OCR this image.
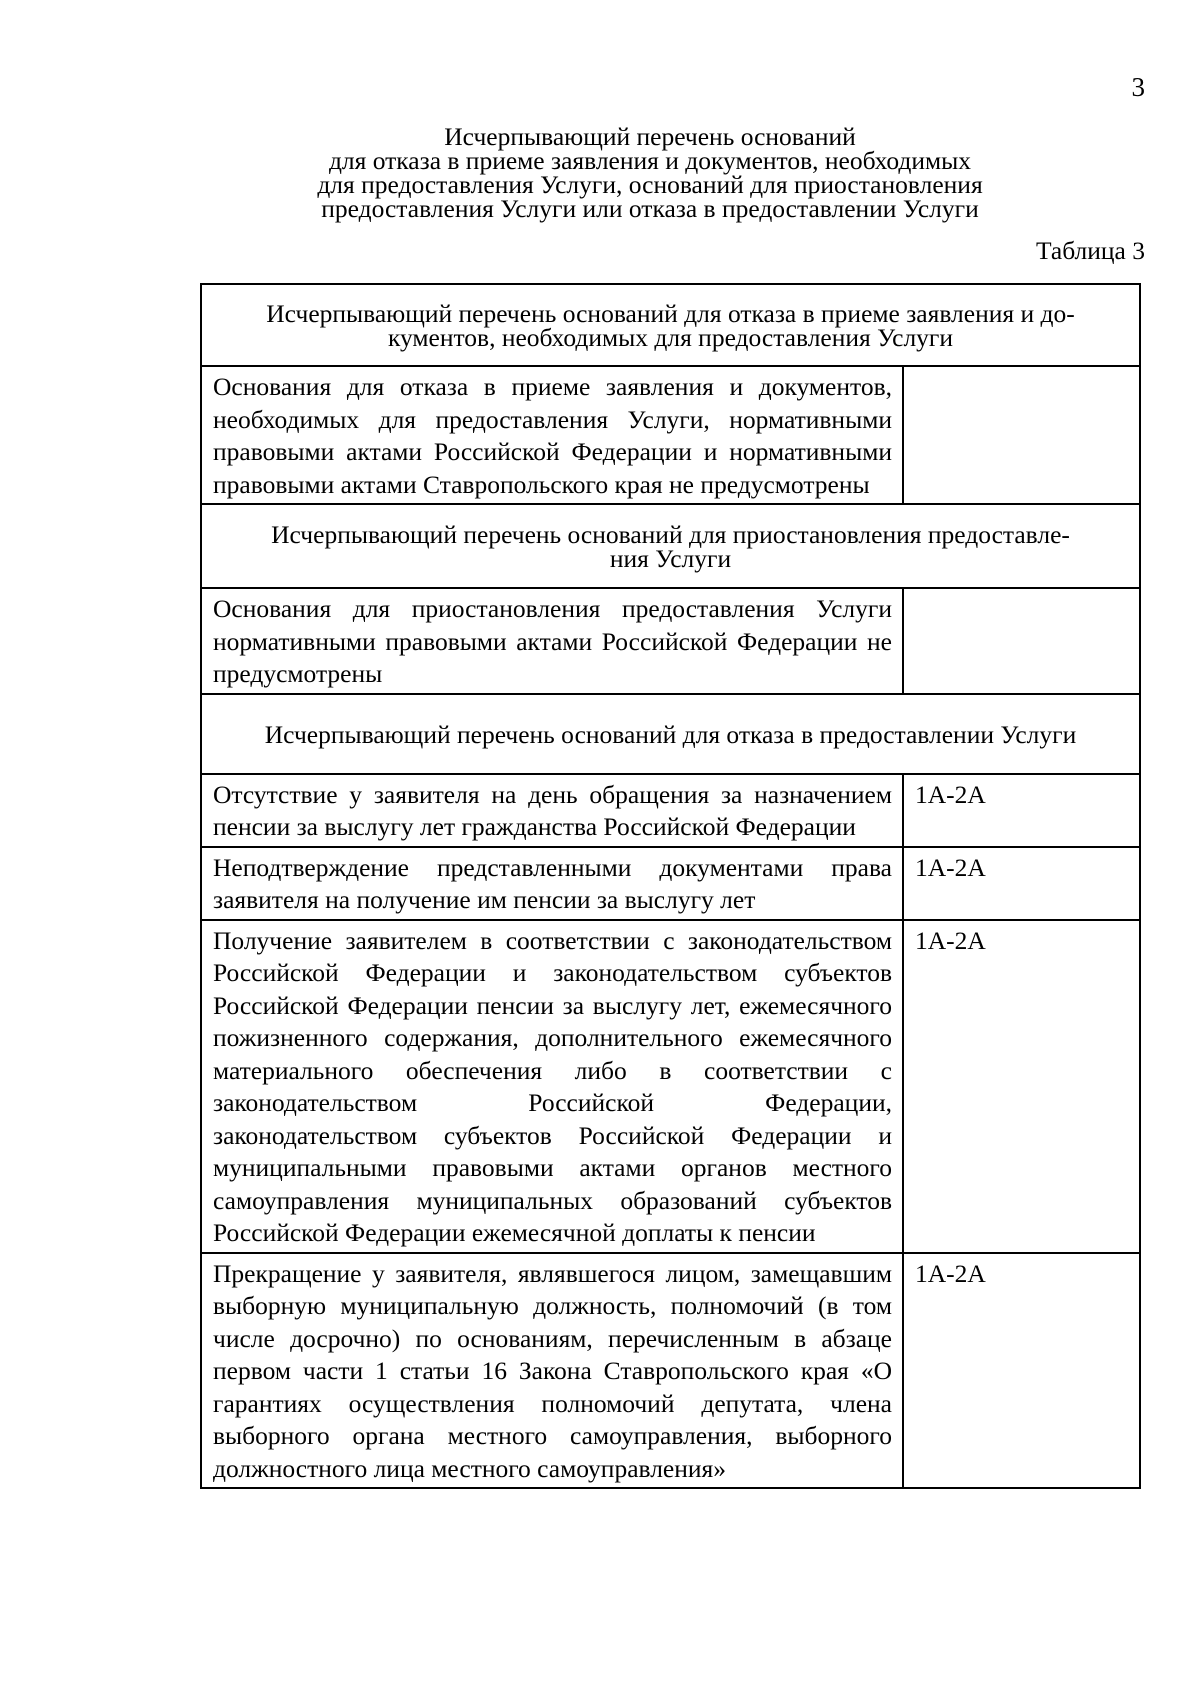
3
Исчерпывающий перечень оснований
для отказа в приеме заявления и документов, необходимых
для предоставления Услуги, оснований для приостановления
предоставления Услуги или отказа в предоставлении Услуги
Таблица 3
Исчерпывающий перечень оснований для отказа в приеме заявления и до-
кументов, необходимых для предоставления Услуги	

Основания для отказа в приеме заявления и документов, необходимых для предоставления Услуги, нормативными правовыми актами Российской Федерации и нормативными правовыми актами Ставропольского края не предусмотрены	

Исчерпывающий перечень оснований для приостановления предоставле-
ния Услуги	

Основания для приостановления предоставления Услуги нормативными правовыми актами Российской Федерации не предусмотрены	

Исчерпывающий перечень оснований для отказа в предоставлении Услуги	

Отсутствие у заявителя на день обращения за назначением пенсии за выслугу лет гражданства Российской Федерации	1А-2А
Неподтверждение представленными документами права заявителя на получение им пенсии за выслугу лет	1А-2А
Получение заявителем в соответствии с законодательством Российской Федерации и законодательством субъектов Российской Федерации пенсии за выслугу лет, ежемесячного пожизненного содержания, дополнительного ежемесячного материального обеспечения либо в соответствии с законодательством Российской Федерации, законодательством субъектов Российской Федерации и муниципальными правовыми актами органов местного самоуправления муниципальных образований субъектов Российской Федерации ежемесячной доплаты к пенсии	1А-2А
Прекращение у заявителя, являвшегося лицом, замещавшим выборную муниципальную должность, полномочий (в том числе досрочно) по основаниям, перечисленным в абзаце первом части 1 статьи 16 Закона Ставропольского края «О гарантиях осуществления полномочий депутата, члена выборного органа местного самоуправления, выборного должностного лица местного самоуправления»	1А-2А
